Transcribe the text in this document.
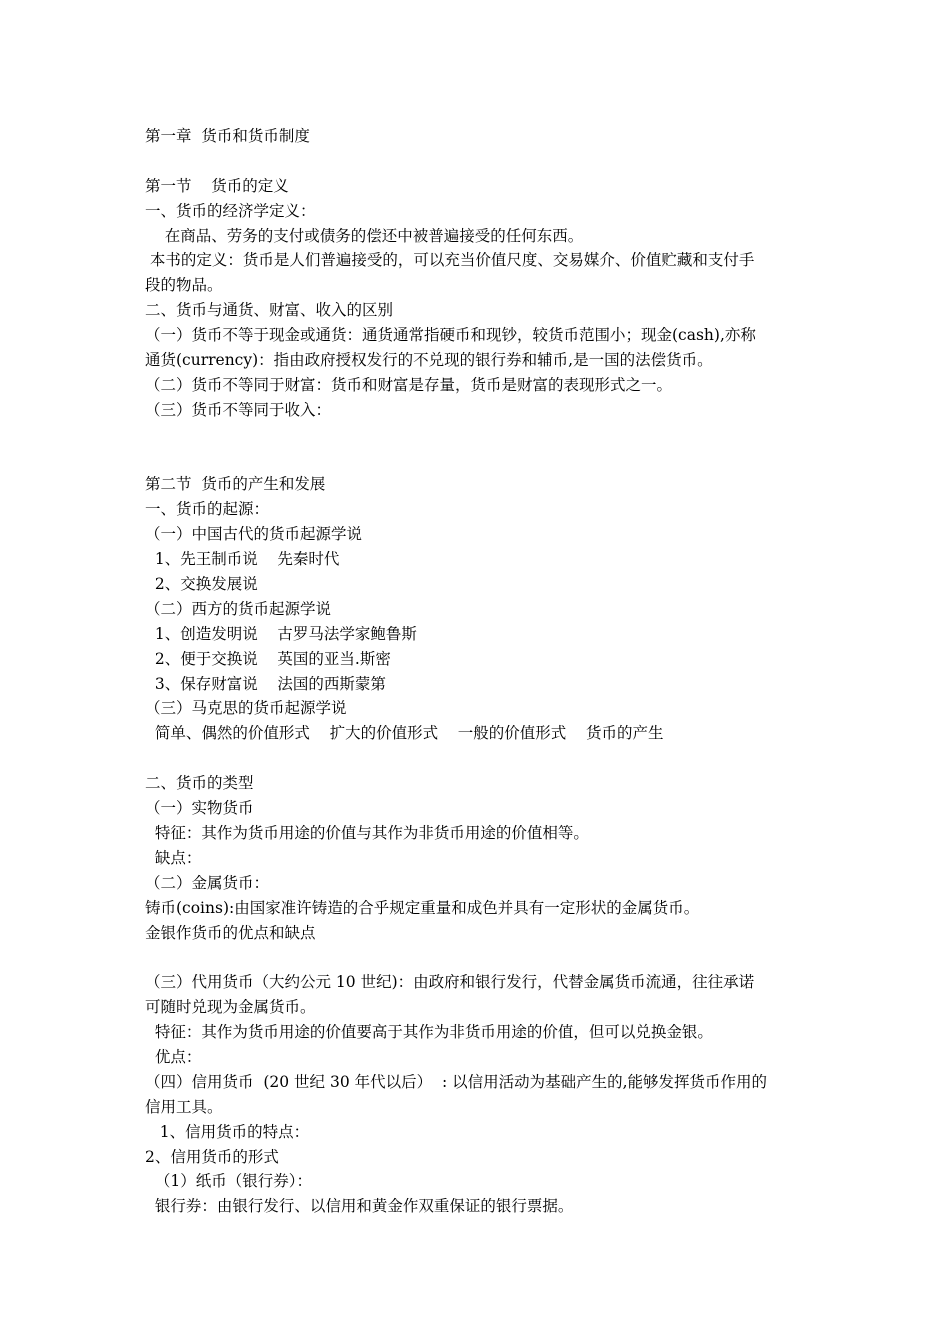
第一章  货币和货币制度
第一节    货币的定义
一、货币的经济学定义：
在商品、劳务的支付或债务的偿还中被普遍接受的任何东西。
本书的定义：货币是人们普遍接受的，可以充当价值尺度、交易媒介、价值贮藏和支付手
段的物品。
二、货币与通货、财富、收入的区别
（一）货币不等于现金或通货：通货通常指硬币和现钞，较货币范围小；现金(cash),亦称
通货(currency)：指由政府授权发行的不兑现的银行券和辅币,是一国的法偿货币。
（二）货币不等同于财富：货币和财富是存量，货币是财富的表现形式之一。
（三）货币不等同于收入：
第二节  货币的产生和发展
一、货币的起源：
（一）中国古代的货币起源学说
1、先王制币说    先秦时代
2、交换发展说
（二）西方的货币起源学说
1、创造发明说    古罗马法学家鲍鲁斯
2、便于交换说    英国的亚当.斯密
3、保存财富说    法国的西斯蒙第
（三）马克思的货币起源学说
简单、偶然的价值形式    扩大的价值形式    一般的价值形式    货币的产生
二、货币的类型
（一）实物货币
特征：其作为货币用途的价值与其作为非货币用途的价值相等。
缺点：
（二）金属货币：
铸币(coins):由国家准许铸造的合乎规定重量和成色并具有一定形状的金属货币。
金银作货币的优点和缺点
（三）代用货币（大约公元 10 世纪)：由政府和银行发行，代替金属货币流通，往往承诺
可随时兑现为金属货币。
特征：其作为货币用途的价值要高于其作为非货币用途的价值，但可以兑换金银。
优点：
（四）信用货币  (20 世纪 30 年代以后）  : 以信用活动为基础产生的,能够发挥货币作用的
信用工具。
1、信用货币的特点：
2、信用货币的形式
（1）纸币（银行券）：
银行券：由银行发行、以信用和黄金作双重保证的银行票据。
